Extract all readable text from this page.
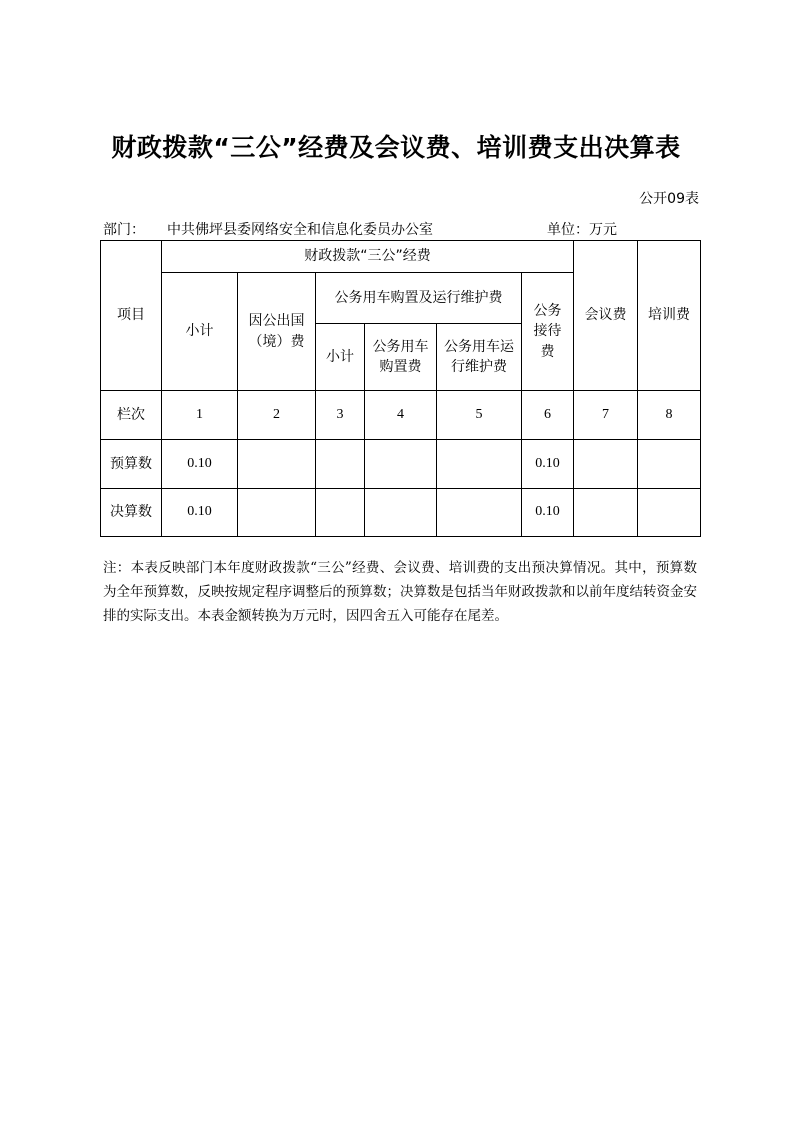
财政拨款“三公”经费及会议费、培训费支出决算表
公开09表
部门： 中共佛坪县委网络安全和信息化委员办公室	单位：万元
项目	财政拨款“三公”经费						会议费	培训费
	小计	因公出国（境）费	公务用车购置及运行维护费			公务接待费		
			小计	公务用车购置费	公务用车运行维护费			
栏次	1	2	3	4	5	6	7	8
预算数	0.10					0.10		
决算数	0.10					0.10		
注：本表反映部门本年度财政拨款“三公”经费、会议费、培训费的支出预决算情况。其中，预算数为全年预算数，反映按规定程序调整后的预算数；决算数是包括当年财政拨款和以前年度结转资金安排的实际支出。本表金额转换为万元时，因四舍五入可能存在尾差。
